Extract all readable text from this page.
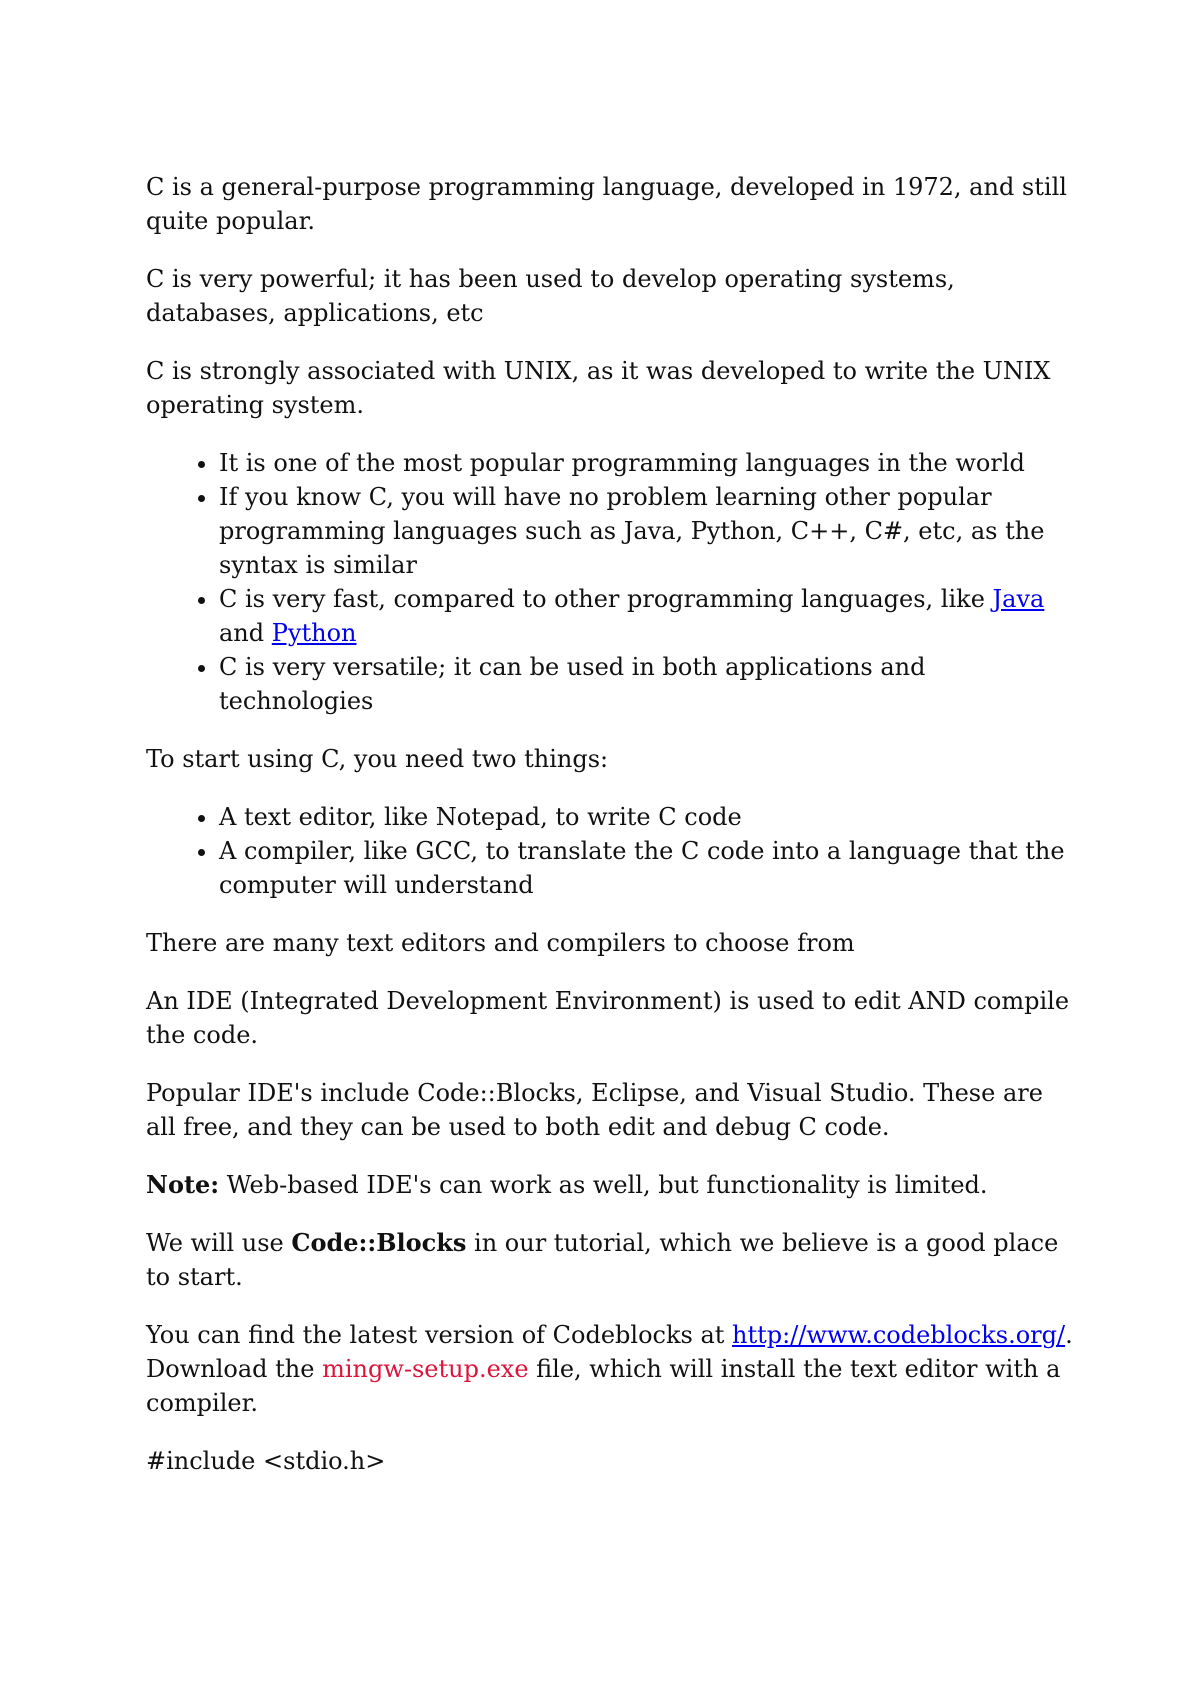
C is a general-purpose programming language, developed in 1972, and still quite popular.

C is very powerful; it has been used to develop operating systems, databases, applications, etc

C is strongly associated with UNIX, as it was developed to write the UNIX operating system.

• It is one of the most popular programming languages in the world
• If you know C, you will have no problem learning other popular programming languages such as Java, Python, C++, C#, etc, as the syntax is similar
• C is very fast, compared to other programming languages, like Java and Python
• C is very versatile; it can be used in both applications and technologies

To start using C, you need two things:

• A text editor, like Notepad, to write C code
• A compiler, like GCC, to translate the C code into a language that the computer will understand

There are many text editors and compilers to choose from

An IDE (Integrated Development Environment) is used to edit AND compile the code.

Popular IDE's include Code::Blocks, Eclipse, and Visual Studio. These are all free, and they can be used to both edit and debug C code.

Note: Web-based IDE's can work as well, but functionality is limited.

We will use Code::Blocks in our tutorial, which we believe is a good place to start.

You can find the latest version of Codeblocks at http://www.codeblocks.org/. Download the mingw-setup.exe file, which will install the text editor with a compiler.

#include <stdio.h>
